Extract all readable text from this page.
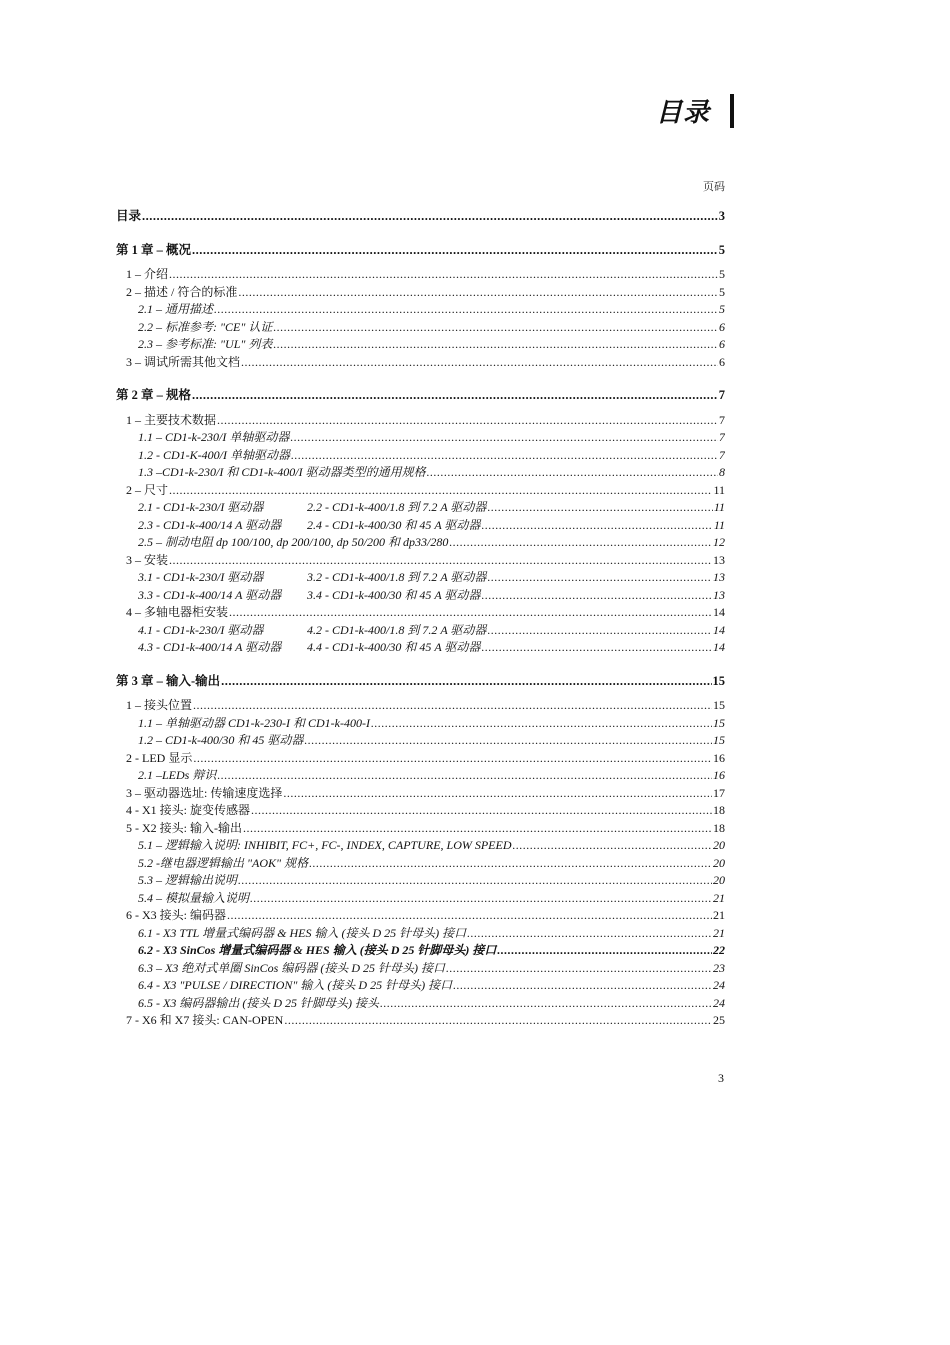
目录
页码
目录 .....	3
第 1 章 – 概况 .....	5
1 – 介绍 .....	5
2 – 描述 / 符合的标准 .....	5
2.1 – 通用描述 .....	5
2.2 – 标准参考: "CE" 认证 .....	6
2.3 – 参考标准: "UL" 列表 .....	6
3 – 调试所需其他文档 .....	6
第 2 章 – 规格 .....	7
1 – 主要技术数据 .....	7
1.1 – CD1-k-230/I 单轴驱动器 .....	7
1.2 - CD1-K-400/I 单轴驱动器 .....	7
1.3 –CD1-k-230/I 和 CD1-k-400/I 驱动器类型的通用规格 .....	8
2 – 尺寸 .....	11
2.1 - CD1-k-230/I 驱动器	2.2 - CD1-k-400/1.8 到 7.2 A 驱动器 .....	11
2.3 - CD1-k-400/14 A 驱动器 2.4 - CD1-k-400/30 和 45 A 驱动器 .....	11
2.5 – 制动电阻 dp 100/100, dp 200/100, dp 50/200 和 dp33/280 .....	12
3 – 安装 .....	13
3.1 - CD1-k-230/I 驱动器	3.2 - CD1-k-400/1.8 到 7.2 A 驱动器 .....	13
3.3 - CD1-k-400/14 A 驱动器 3.4 - CD1-k-400/30 和 45 A 驱动器 .....	13
4 – 多轴电器柜安装 .....	14
4.1 - CD1-k-230/I 驱动器	4.2 - CD1-k-400/1.8 到 7.2 A 驱动器 .....	14
4.3 - CD1-k-400/14 A 驱动器 4.4 - CD1-k-400/30 和 45 A 驱动器 .....	14
第 3 章 – 输入-输出 .....	15
1 – 接头位置 .....	15
1.1 – 单轴驱动器 CD1-k-230-I 和 CD1-k-400-I .....	15
1.2 – CD1-k-400/30 和 45 驱动器 .....	15
2 - LED 显示 .....	16
2.1 –LEDs 辩识 .....	16
3 – 驱动器选址: 传输速度选择 .....	17
4 - X1 接头: 旋变传感器 .....	18
5 - X2 接头: 输入-输出 .....	18
5.1 – 逻辑输入说明: INHIBIT, FC+, FC-, INDEX, CAPTURE, LOW SPEED .....	20
5.2 -继电器逻辑输出 "AOK" 规格 .....	20
5.3 – 逻辑输出说明 .....	20
5.4 – 模拟量输入说明 .....	21
6 - X3 接头: 编码器 .....	21
6.1 - X3 TTL 增量式编码器 & HES 输入 (接头 D 25 针母头) 接口 .....	21
6.2 - X3 SinCos 增量式编码器 & HES 输入 (接头 D 25 针脚母头) 接口 .....	22
6.3 – X3 绝对式单圈 SinCos 编码器 (接头 D 25 针母头) 接口 .....	23
6.4 - X3 "PULSE / DIRECTION" 输入 (接头 D 25 针母头) 接口 .....	24
6.5 - X3 编码器输出 (接头 D 25 针脚母头) 接头 .....	24
7 - X6 和 X7 接头: CAN-OPEN .....	25
3
